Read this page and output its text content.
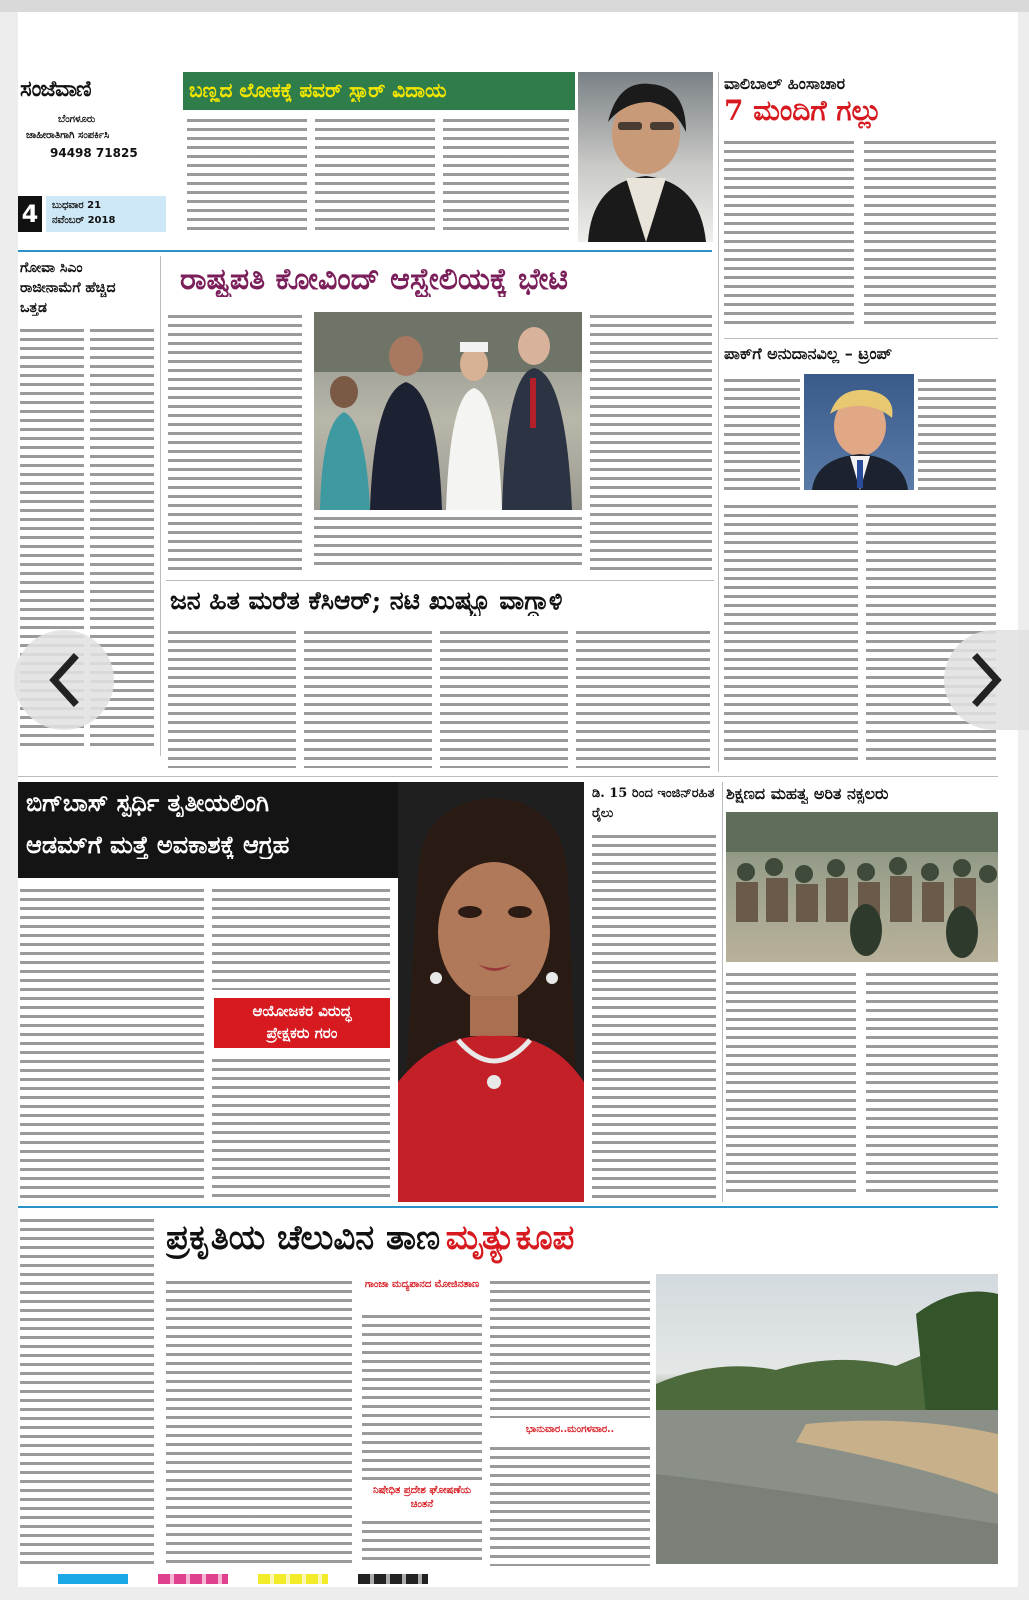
ಸಂಜೆವಾಣಿ
ಬೆಂಗಳೂರು
ಜಾಹೀರಾತಿಗಾಗಿ ಸಂಪರ್ಕಿಸಿ
94498 71825
4	ಬುಧವಾರ 21
ನವೆಂಬರ್ 2018
ಬಣ್ಣದ ಲೋಕಕ್ಕೆ ಪವರ್ ಸ್ಟಾರ್ ವಿದಾಯ	ವಾಲಿಬಾಲ್ ಹಿಂಸಾಚಾರ
7 ಮಂದಿಗೆ ಗಲ್ಲು
ಗೋವಾ ಸಿಎಂ ರಾಜೀನಾಮೆಗೆ ಹೆಚ್ಚಿದ ಒತ್ತಡ
ರಾಷ್ಟ್ರಪತಿ ಕೋವಿಂದ್ ಆಸ್ಟ್ರೇಲಿಯಕ್ಕೆ ಭೇಟಿ
ಪಾಕ್‌ಗೆ ಅನುದಾನವಿಲ್ಲ – ಟ್ರಂಪ್
ಜನ ಹಿತ ಮರೆತ ಕೆಸಿಆರ್; ನಟಿ ಖುಷ್ಬೂ ವಾಗ್ದಾಳಿ
ಬಿಗ್‌ಬಾಸ್ ಸ್ಪರ್ಧಿ ತೃತೀಯಲಿಂಗಿ
ಆಡಮ್‌ಗೆ ಮತ್ತೆ ಅವಕಾಶಕ್ಕೆ ಆಗ್ರಹ
ಆಯೋಜಕರ ವಿರುದ್ಧ
ಪ್ರೇಕ್ಷಕರು ಗರಂ
ಡಿ. 15 ರಿಂದ ಇಂಜಿನ್‌ರಹಿತ ರೈಲು
ಶಿಕ್ಷಣದ ಮಹತ್ವ ಅರಿತ ನಕ್ಸಲರು
ಪ್ರಕೃತಿಯ ಚೆಲುವಿನ ತಾಣ ಮೃತ್ಯುಕೂಪ
ಗಾಂಜಾ ಮದ್ಯಪಾನದ ಮೋಜಿನತಾಣ
ನಿಷೇಧಿತ ಪ್ರದೇಶ ಘೋಷಣೆಯ ಚಿಂತನೆ
ಭಾನುವಾರ..ಮಂಗಳವಾರ..
